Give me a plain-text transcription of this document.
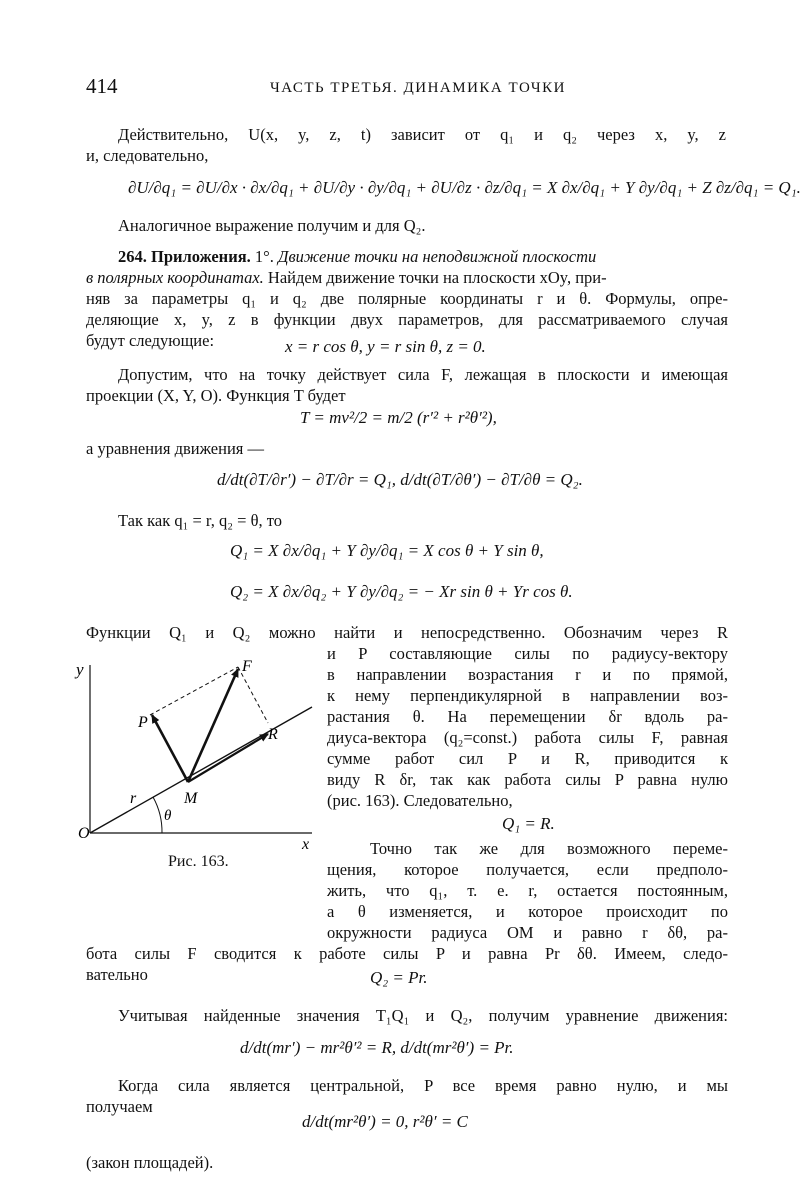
414	ЧАСТЬ ТРЕТЬЯ. ДИНАМИКА ТОЧКИ
Действительно, U(x, y, z, t) зависит от q₁ и q₂ через x, y, z
и, следовательно,
∂U/∂q₁ = ∂U/∂x · ∂x/∂q₁ + ∂U/∂y · ∂y/∂q₁ + ∂U/∂z · ∂z/∂q₁ = X ∂x/∂q₁ + Y ∂y/∂q₁ + Z ∂z/∂q₁ = Q₁.
Аналогичное выражение получим и для Q₂.
264. Приложения. 1°. Движение точки на неподвижной плоскости
в полярных координатах. Найдем движение точки на плоскости xOy, при-
няв за параметры q₁ и q₂ две полярные координаты r и θ. Формулы, опре-
деляющие x, y, z в функции двух параметров, для рассматриваемого случая
будут следующие:	x = r cos θ, y = r sin θ, z = 0.
Допустим, что на точку действует сила F, лежащая в плоскости и имеющая
проекции (X, Y, O). Функция T будет
T = mv²/2 = m/2 (r′² + r²θ′²),
а уравнения движения —
d/dt(∂T/∂r′) − ∂T/∂r = Q₁, d/dt(∂T/∂θ′) − ∂T/∂θ = Q₂.
Так как q₁ = r, q₂ = θ, то
Q₁ = X ∂x/∂q₁ + Y ∂y/∂q₁ = X cos θ + Y sin θ,
Q₂ = X ∂x/∂q₂ + Y ∂y/∂q₂ = − Xr sin θ + Yr cos θ.
Функции Q₁ и Q₂ можно найти и непосредственно. Обозначим через R
и P составляющие силы по радиусу-вектору
в направлении возрастания r и по прямой,
к нему перпендикулярной в направлении воз-
растания θ. На перемещении δr вдоль ра-
диуса-вектора (q₂=const.) работа силы F, равная
сумме работ сил P и R, приводится к
виду R δr, так как работа силы P равна нулю
(рис. 163). Следовательно,
Q₁ = R.
Точно так же для возможного переме-
щения, которое получается, если предполо-
жить, что q₁, т. е. r, остается постоянным,
а θ изменяется, и которое происходит по
окружности радиуса OM и равно r δθ, ра-
бота силы F сводится к работе силы P и равна Pr δθ. Имеем, следо-
вательно	Q₂ = Pr.
Учитывая найденные значения T₁Q₁ и Q₂, получим уравнение движения:
d/dt(mr′) − mr²θ′² = R, d/dt(mr²θ′) = Pr.
Когда сила является центральной, P все время равно нулю, и мы
получаем
d/dt(mr²θ′) = 0, r²θ′ = C
(закон площадей).
y
x
O
M
F
P
R
r
θ
Рис. 163.
